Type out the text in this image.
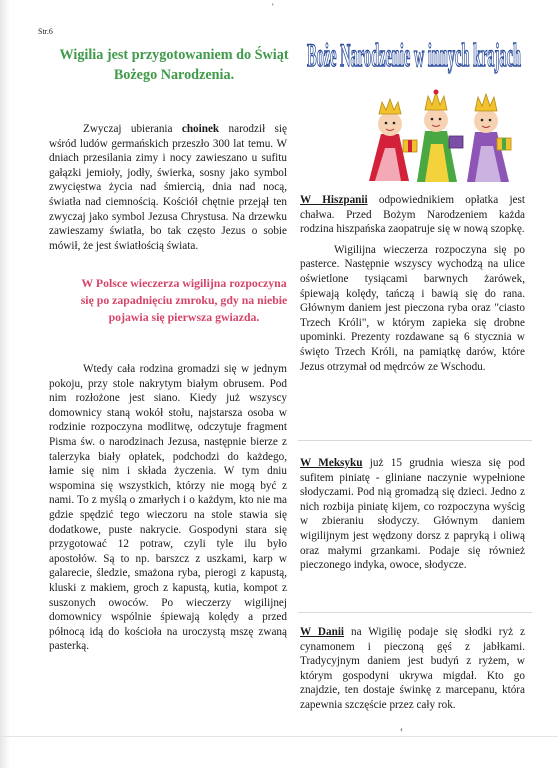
'
Str.6
Wigilia jest przygotowaniem do Świąt Bożego Narodzenia.
Boże Narodzenie w innych krajach

Zwyczaj ubierania choinek narodził się wśród ludów germańskich przeszło 300 lat temu. W dniach przesilania zimy i nocy zawieszano u sufitu gałązki jemioły, jodły, świerka, sosny jako symbol zwycięstwa życia nad śmiercią, dnia nad nocą, światła nad ciemnością. Kościół chętnie przejął ten zwyczaj jako symbol Jezusa Chrystusa. Na drzewku zawieszamy światła, bo tak często Jezus o sobie mówił, że jest światłością świata.

W Polsce wieczerza wigilijna rozpoczyna się po zapadnięciu zmroku, gdy na niebie pojawia się pierwsza gwiazda.

Wtedy cała rodzina gromadzi się w jednym pokoju, przy stole nakrytym białym obrusem. Pod nim rozłożone jest siano. Kiedy już wszyscy domownicy staną wokół stołu, najstarsza osoba w rodzinie rozpoczyna modlitwę, odczytuje fragment Pisma św. o narodzinach Jezusa, następnie bierze z talerzyka biały opłatek, podchodzi do każdego, łamie się nim i składa życzenia. W tym dniu wspomina się wszystkich, którzy nie mogą być z nami. To z myślą o zmarłych i o każdym, kto nie ma gdzie spędzić tego wieczoru na stole stawia się dodatkowe, puste nakrycie. Gospodyni stara się przygotować 12 potraw, czyli tyle ilu było apostołów. Są to np. barszcz z uszkami, karp w galarecie, śledzie, smażona ryba, pierogi z kapustą, kluski z makiem, groch z kapustą, kutia, kompot z suszonych owoców. Po wieczerzy wigilijnej domownicy wspólnie śpiewają kolędy a przed północą idą do kościoła na uroczystą mszę zwaną pasterką.

W Hiszpanii odpowiednikiem opłatka jest chałwa. Przed Bożym Narodzeniem każda rodzina hiszpańska zaopatruje się w nową szopkę.

Wigilijna wieczerza rozpoczyna się po pasterce. Następnie wszyscy wychodzą na ulice oświetlone tysiącami barwnych żarówek, śpiewają kolędy, tańczą i bawią się do rana. Głównym daniem jest pieczona ryba oraz "ciasto Trzech Króli", w którym zapieka się drobne upominki. Prezenty rozdawane są 6 stycznia w święto Trzech Króli, na pamiątkę darów, które Jezus otrzymał od mędrców ze Wschodu.

W Meksyku już 15 grudnia wiesza się pod sufitem piniatę - gliniane naczynie wypełnione słodyczami. Pod nią gromadzą się dzieci. Jedno z nich rozbija piniatę kijem, co rozpoczyna wyścig w zbieraniu słodyczy. Głównym daniem wigilijnym jest wędzony dorsz z papryką i oliwą oraz małymi grzankami. Podaje się również pieczonego indyka, owoce, słodycze.

W Danii na Wigilię podaje się słodki ryż z cynamonem i pieczoną gęś z jabłkami. Tradycyjnym daniem jest budyń z ryżem, w którym gospodyni ukrywa migdał. Kto go znajdzie, ten dostaje świnkę z marcepanu, która zapewnia szczęście przez cały rok.

‹
